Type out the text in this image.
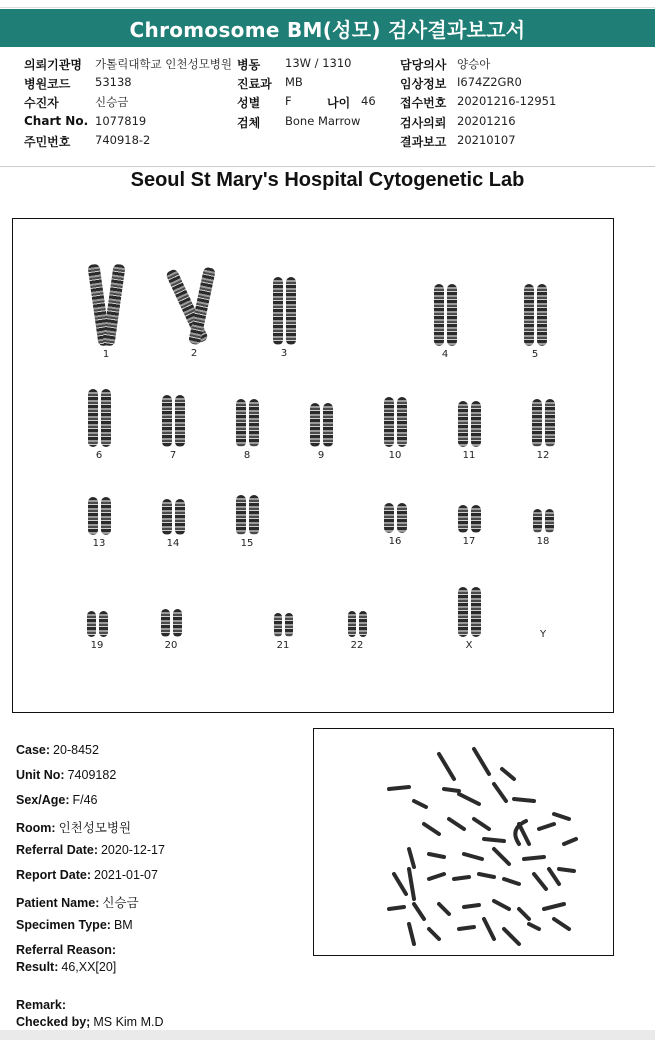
Chromosome BM(성모) 검사결과보고서
의뢰기관명 가톨릭대학교 인천성모병원 병동 13W / 1310	담당의사 양승아
병원코드 53138	진료과 MB	임상정보 I674Z2GR0
수진자	신승금	성별 F	나이 46 접수번호 20201216-12951
Chart No. 1077819	검체 Bone Marrow	검사의뢰 20201216
주민번호 740918-2	결과보고 20210107
Seoul St Mary's Hospital Cytogenetic Lab
1	2	3	4	5
6	7	8	9	10	11	12
13	14	15	16	17	18
19	20	21	22	X
Y
Case: 20-8452
Unit No: 7409182
Sex/Age: F/46
Room: 인천성모병원
Referral Date: 2020-12-17
Report Date: 2021-01-07
Patient Name: 신승금
Specimen Type: BM
Referral Reason:
Result: 46,XX[20]
Remark:
Checked by; MS Kim M.D
